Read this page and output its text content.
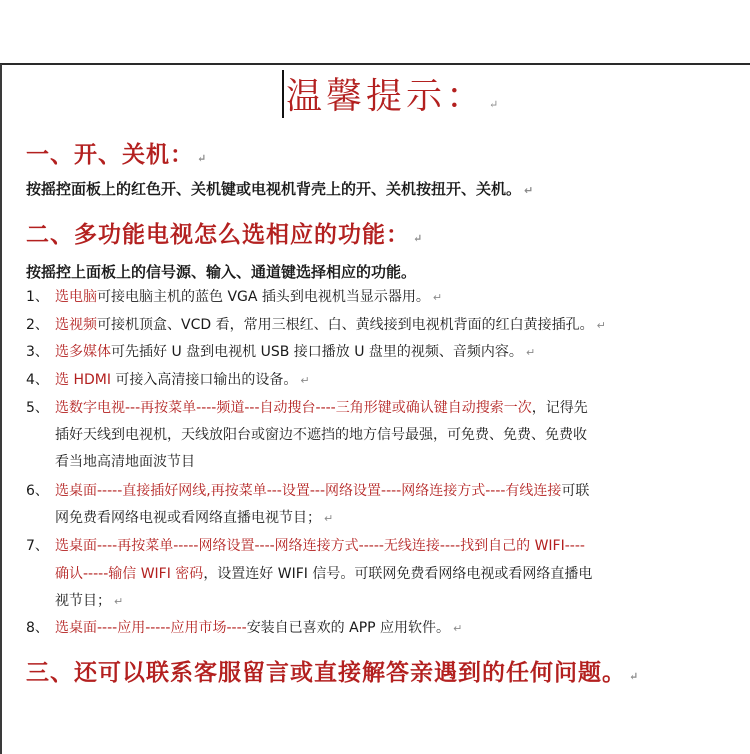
温馨提示： ↵
一、开、关机： ↵
按摇控面板上的红色开、关机键或电视机背壳上的开、关机按扭开、关机。 ↵
二、多功能电视怎么选相应的功能： ↵
按摇控上面板上的信号源、输入、通道键选择相应的功能。
1、 选电脑可接电脑主机的蓝色 VGA 插头到电视机当显示器用。 ↵
2、 选视频可接机顶盒、VCD 看，常用三根红、白、黄线接到电视机背面的红白黄接插孔。 ↵
3、 选多媒体可先插好 U 盘到电视机 USB 接口播放 U 盘里的视频、音频内容。 ↵
4、 选 HDMI 可接入高清接口输出的设备。 ↵
5、 选数字电视---再按菜单----频道---自动搜台----三角形键或确认键自动搜索一次，记得先
插好天线到电视机，天线放阳台或窗边不遮挡的地方信号最强，可免费、免费、免费收
看当地高清地面波节目
6、 选桌面-----直接插好网线,再按菜单---设置---网络设置----网络连接方式----有线连接可联
网免费看网络电视或看网络直播电视节目； ↵
7、 选桌面----再按菜单-----网络设置----网络连接方式-----无线连接----找到自己的 WIFI----
确认-----输信 WIFI 密码，设置连好 WIFI 信号。可联网免费看网络电视或看网络直播电
视节目； ↵
8、 选桌面----应用-----应用市场----安装自已喜欢的 APP 应用软件。 ↵
三、还可以联系客服留言或直接解答亲遇到的任何问题。 ↵
